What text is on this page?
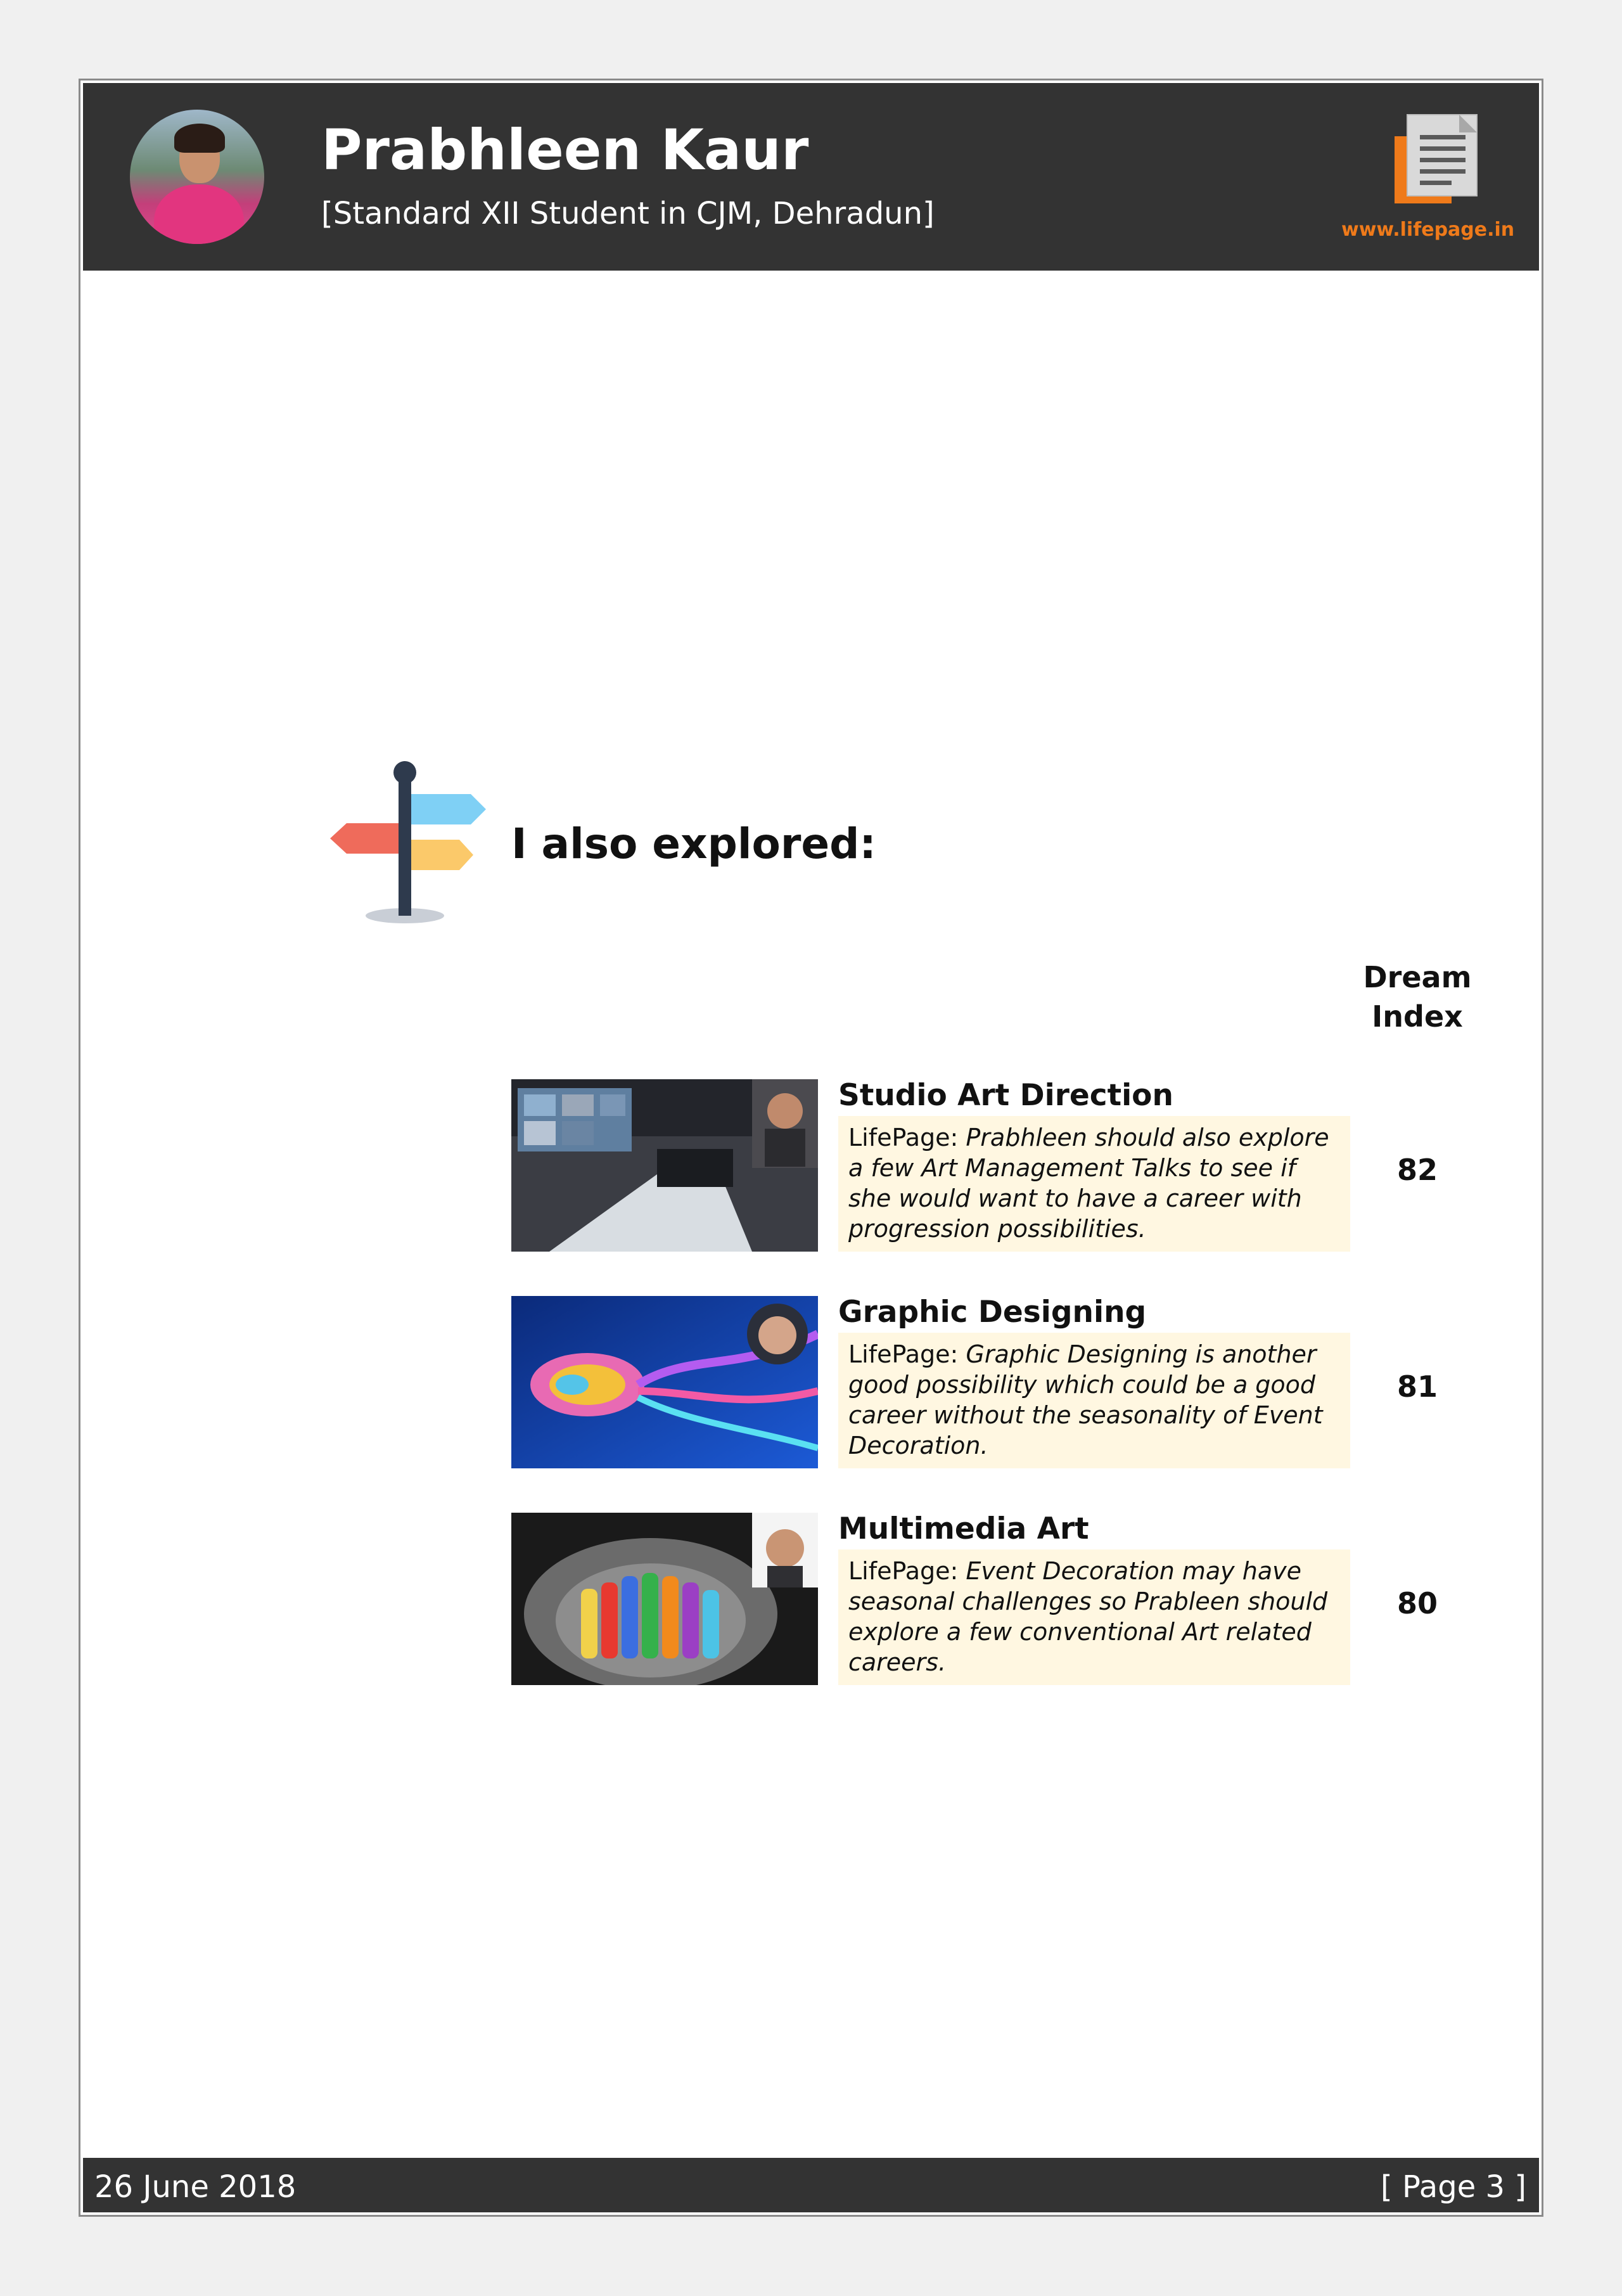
Prabhleen Kaur
[Standard XII Student in CJM, Dehradun]	www.lifepage.in
I also explored:
Dream Index
Studio Art Direction
LifePage: Prabhleen should also explore a few Art Management Talks to see if she would want to have a career with progression possibilities.
82
Graphic Designing
LifePage: Graphic Designing is another good possibility which could be a good career without the seasonality of Event Decoration.
81
Multimedia Art
LifePage: Event Decoration may have seasonal challenges so Prableen should explore a few conventional Art related careers.
80
26 June 2018	[ Page 3 ]
